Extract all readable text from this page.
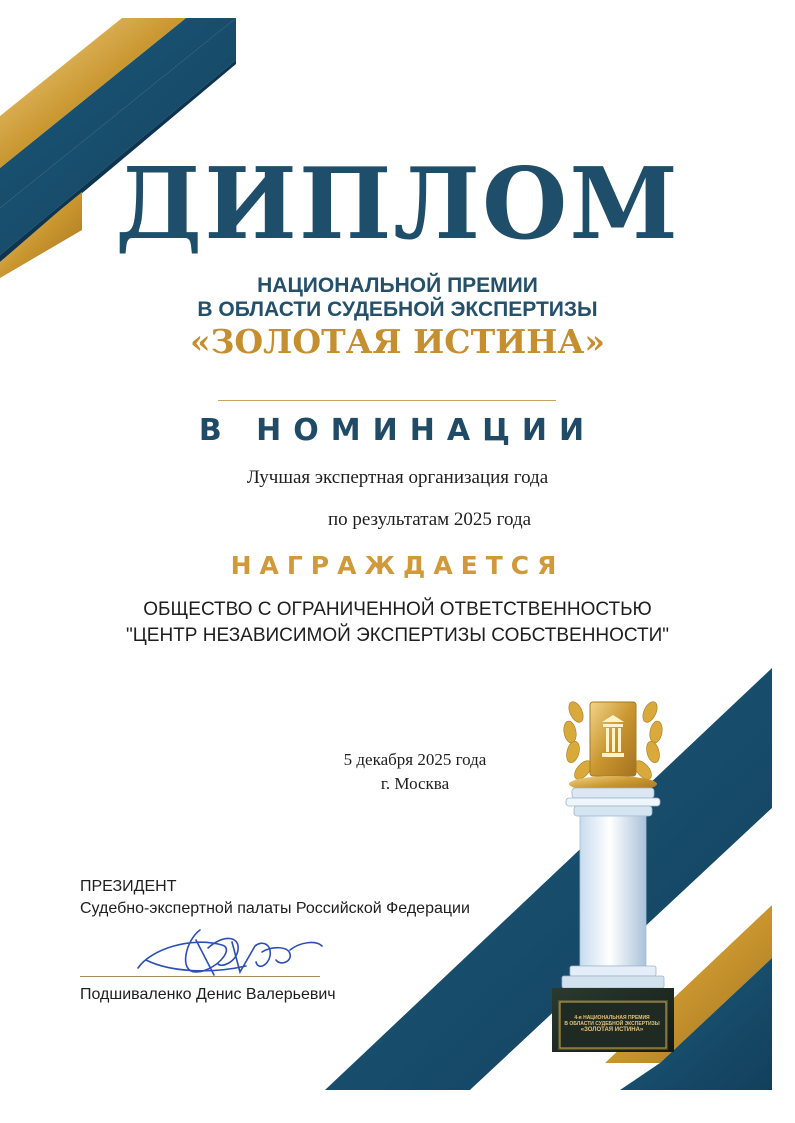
ДИПЛОМ
НАЦИОНАЛЬНОЙ ПРЕМИИ
В ОБЛАСТИ СУДЕБНОЙ ЭКСПЕРТИЗЫ
«ЗОЛОТАЯ ИСТИНА»
В НОМИНАЦИИ
Лучшая экспертная организация года
по результатам 2025 года
НАГРАЖДАЕТСЯ
ОБЩЕСТВО С ОГРАНИЧЕННОЙ ОТВЕТСТВЕННОСТЬЮ
"ЦЕНТР НЕЗАВИСИМОЙ ЭКСПЕРТИЗЫ СОБСТВЕННОСТИ"
5 декабря 2025 года
г. Москва
ПРЕЗИДЕНТ
Судебно-экспертной палаты Российской Федерации
Подшиваленко Денис Валерьевич
4-я НАЦИОНАЛЬНАЯ ПРЕМИЯ
В ОБЛАСТИ СУДЕБНОЙ ЭКСПЕРТИЗЫ
«ЗОЛОТАЯ ИСТИНА»
